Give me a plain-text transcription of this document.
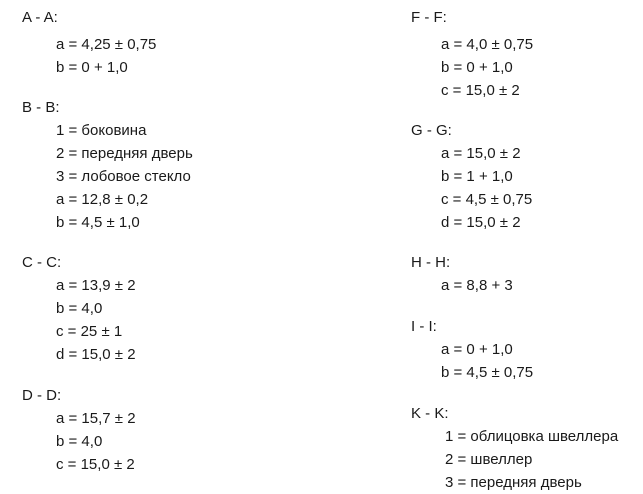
A - A:
a = 4,25 ± 0,75
b = 0 + 1,0
B - B:
1 = боковина
2 = передняя дверь
3 = лобовое стекло
a = 12,8 ± 0,2
b = 4,5 ± 1,0
C - C:
a = 13,9 ± 2
b = 4,0
c = 25 ± 1
d = 15,0 ± 2
D - D:
a = 15,7 ± 2
b = 4,0
c = 15,0 ± 2
F - F:
a = 4,0 ± 0,75
b = 0 + 1,0
c = 15,0 ± 2
G - G:
a = 15,0 ± 2
b = 1 + 1,0
c = 4,5 ± 0,75
d = 15,0 ± 2
H - H:
a = 8,8 + 3
I - I:
a = 0 + 1,0
b = 4,5 ± 0,75
K - K:
1 = облицовка швеллера
2 = швеллер
3 = передняя дверь
